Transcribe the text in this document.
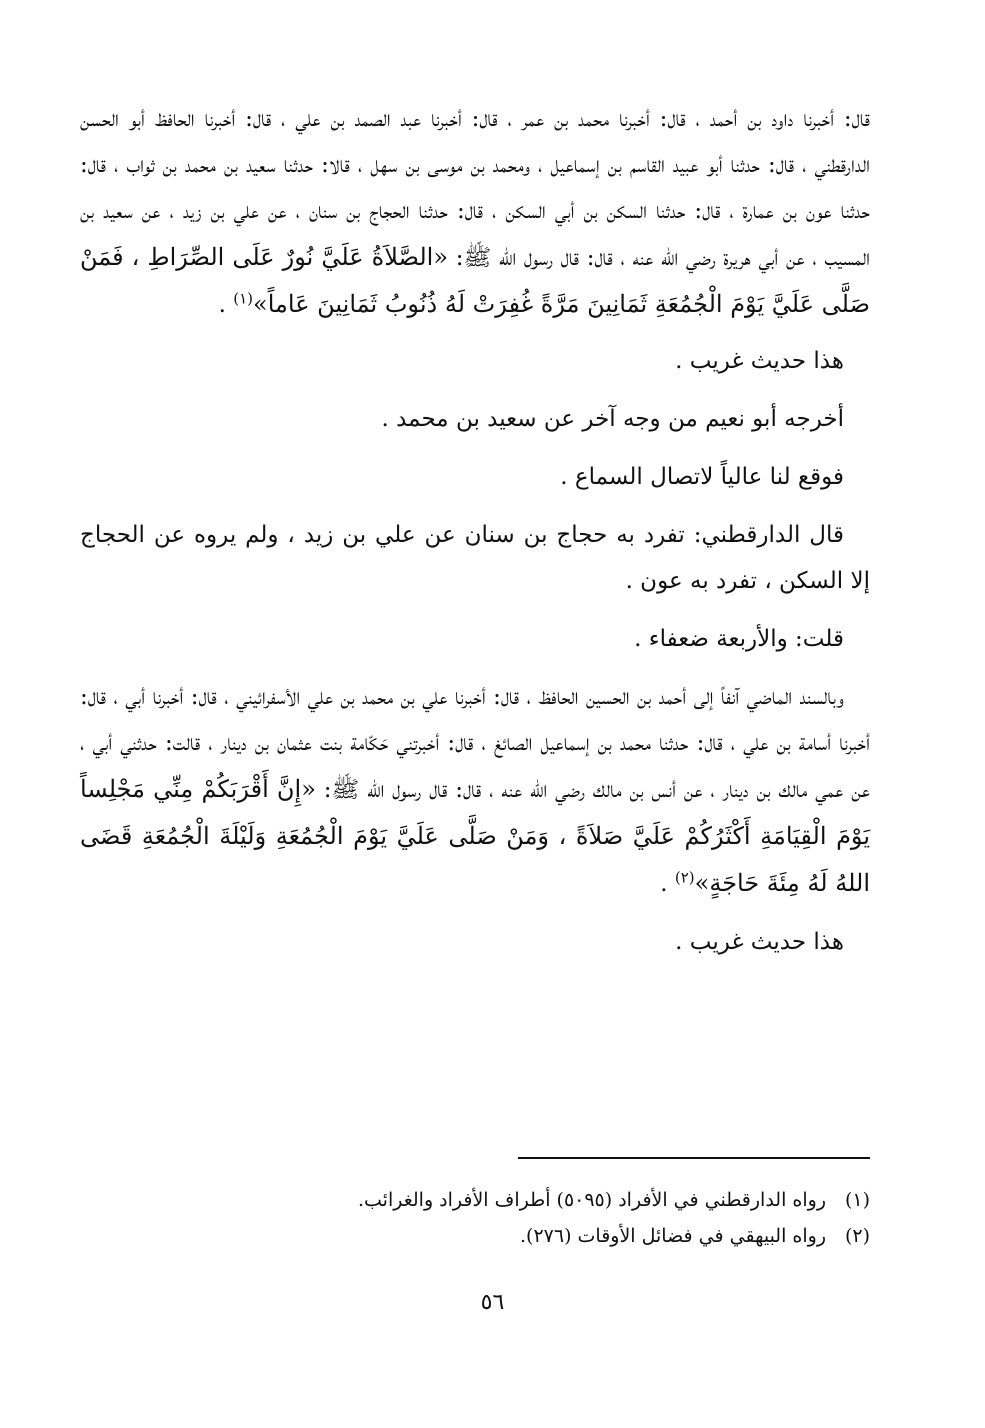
قال: أخبرنا داود بن أحمد ، قال: أخبرنا محمد بن عمر ، قال: أخبرنا عبد الصمد بن علي ، قال: أخبرنا الحافظ أبو الحسن الدارقطني ، قال: حدثنا أبو عبيد القاسم بن إسماعيل ، ومحمد بن موسى بن سهل ، قالا: حدثنا سعيد بن محمد بن ثواب ، قال: حدثنا عون بن عمارة ، قال: حدثنا السكن بن أبي السكن ، قال: حدثنا الحجاج بن سنان ، عن علي بن زيد ، عن سعيد بن المسيب ، عن أبي هريرة رضي الله عنه ، قال: قال رسول الله ﷺ: «الصَّلاَةُ عَلَيَّ نُورٌ عَلَى الصِّرَاطِ ، فَمَنْ صَلَّى عَلَيَّ يَوْمَ الْجُمُعَةِ ثَمَانِينَ مَرَّةً غُفِرَتْ لَهُ ذُنُوبُ ثَمَانِينَ عَاماً»$^{(١)}$ .

هذا حديث غريب .

أخرجه أبو نعيم من وجه آخر عن سعيد بن محمد .

فوقع لنا عالياً لاتصال السماع .

قال الدارقطني: تفرد به حجاج بن سنان عن علي بن زيد ، ولم يروه عن الحجاج إلا السكن ، تفرد به عون .

قلت: والأربعة ضعفاء .

وبالسند الماضي آنفاً إلى أحمد بن الحسين الحافظ ، قال: أخبرنا علي بن محمد بن علي الأسفرائيني ، قال: أخبرنا أبي ، قال: أخبرنا أسامة بن علي ، قال: حدثنا محمد بن إسماعيل الصائغ ، قال: أخبرتني حَكّامة بنت عثمان بن دينار ، قالت: حدثني أبي ، عن عمي مالك بن دينار ، عن أنس بن مالك رضي الله عنه ، قال: قال رسول الله ﷺ: «إِنَّ أَقْرَبَكُمْ مِنِّي مَجْلِساً يَوْمَ الْقِيَامَةِ أَكْثَرُكُمْ عَلَيَّ صَلاَةً ، وَمَنْ صَلَّى عَلَيَّ يَوْمَ الْجُمُعَةِ وَلَيْلَةَ الْجُمُعَةِ قَضَى اللهُ لَهُ مِئَةَ حَاجَةٍ»$^{(٢)}$ .

هذا حديث غريب .

(١)
رواه الدارقطني في الأفراد (٥٠٩٥) أطراف الأفراد والغرائب.
(٢)
رواه البيهقي في فضائل الأوقات (٢٧٦).
٥٦
